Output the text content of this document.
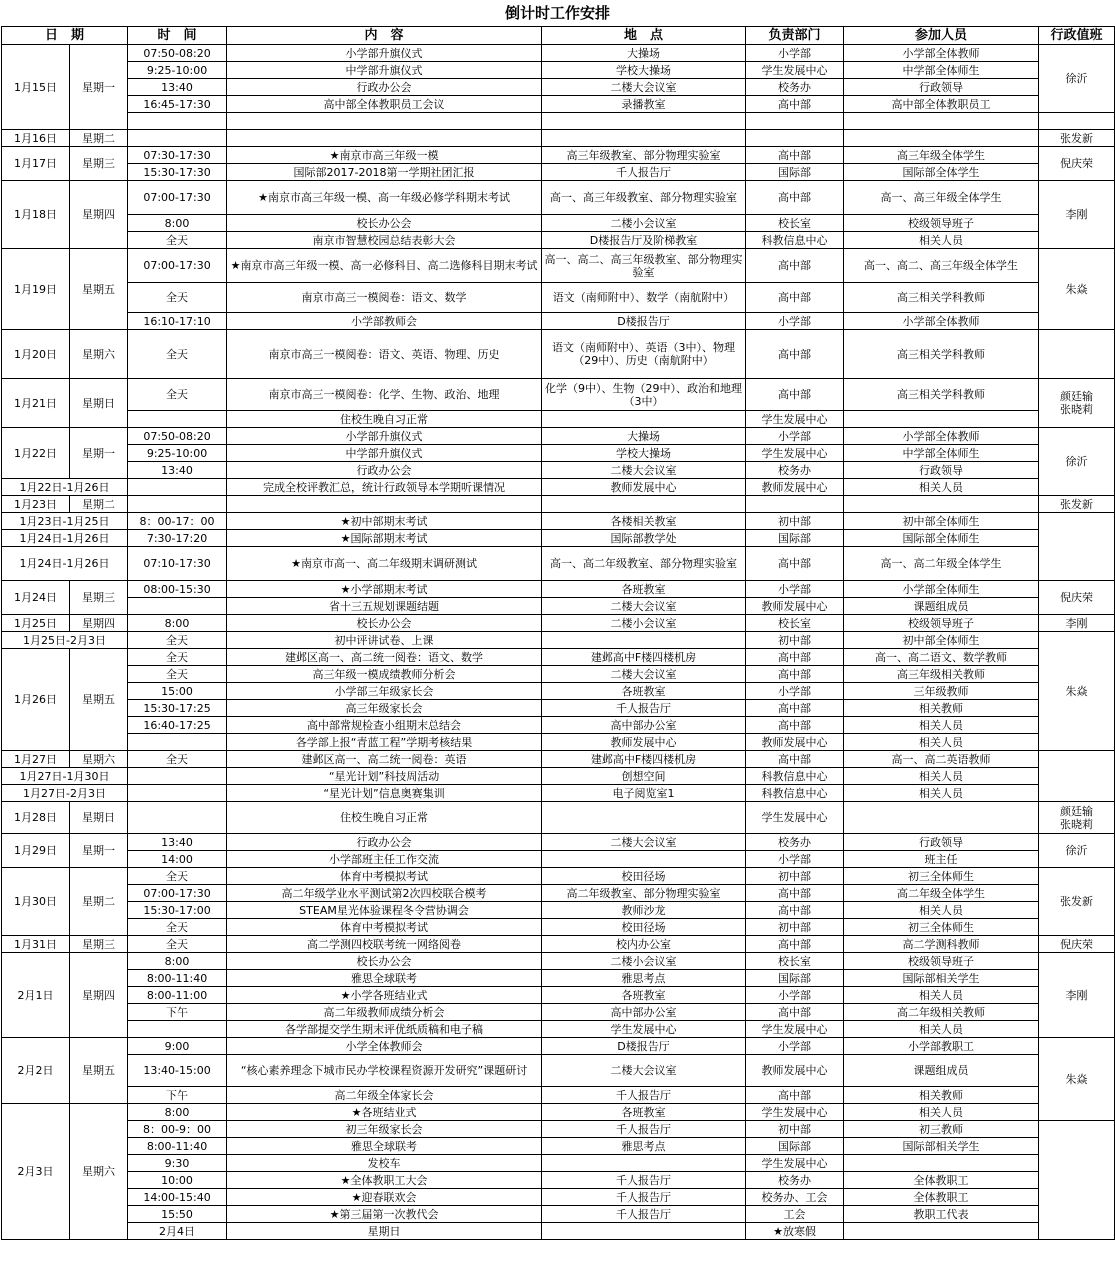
倒计时工作安排
日　期		时　间	内　容	地　点	负责部门	参加人员	行政值班	
1月15日	星期一	07:50-08:20	小学部升旗仪式	大操场	小学部	小学部全体教师	徐沂	
		9:25-10:00	中学部升旗仪式	学校大操场	学生发展中心	中学部全体师生		
		13:40	行政办公会	二楼大会议室	校务办	行政领导		
		16:45-17:30	高中部全体教职员工会议	录播教室	高中部	高中部全体教职员工		

1月16日	星期二						张发新	
1月17日	星期三	07:30-17:30	★南京市高三年级一模	高三年级教室、部分物理实验室	高中部	高三年级全体学生	倪庆荣	
		15:30-17:30	国际部2017-2018第一学期社团汇报	千人报告厅	国际部	国际部全体学生		
1月18日	星期四	07:00-17:30	★南京市高三年级一模、高一年级必修学科期末考试	高一、高三年级教室、部分物理实验室	高中部	高一、高三年级全体学生	李刚	
		8:00	校长办公会	二楼小会议室	校长室	校级领导班子		
		全天	南京市智慧校园总结表彰大会	D楼报告厅及阶梯教室	科教信息中心	相关人员		
1月19日	星期五	07:00-17:30	★南京市高三年级一模、高一必修科目、高二选修科目期末考试	高一、高二、高三年级教室、部分物理实验室	高中部	高一、高二、高三年级全体学生	朱焱	
		全天	南京市高三一模阅卷：语文、数学	语文（南师附中）、数学（南航附中）	高中部	高三相关学科教师		
		16:10-17:10	小学部教师会	D楼报告厅	小学部	小学部全体教师		
1月20日	星期六	全天	南京市高三一模阅卷：语文、英语、物理、历史	语文（南师附中）、英语（3中）、物理（29中）、历史（南航附中）	高中部	高三相关学科教师		
1月21日	星期日	全天	南京市高三一模阅卷：化学、生物、政治、地理	化学（9中）、生物（29中）、政治和地理（3中）	高中部	高三相关学科教师	颜廷输
张晓莉	
			住校生晚自习正常		学生发展中心			
1月22日	星期一	07:50-08:20	小学部升旗仪式	大操场	小学部	小学部全体教师	徐沂	
		9:25-10:00	中学部升旗仪式	学校大操场	学生发展中心	中学部全体师生		
		13:40	行政办公会	二楼大会议室	校务办	行政领导		
1月22日-1月26日			完成全校评教汇总，统计行政领导本学期听课情况	教师发展中心	教师发展中心	相关人员		
1月23日	星期二						张发新	
1月23日-1月25日		8：00-17：00	★初中部期末考试	各楼相关教室	初中部	初中部全体师生		
1月24日-1月26日		7:30-17:20	★国际部期末考试	国际部教学处	国际部	国际部全体师生		
1月24日-1月26日		07:10-17:30	★南京市高一、高二年级期末调研测试	高一、高二年级教室、部分物理实验室	高中部	高一、高二年级全体学生		
1月24日	星期三	08:00-15:30	★小学部期末考试	各班教室	小学部	小学部全体师生	倪庆荣	
			省十三五规划课题结题	二楼大会议室	教师发展中心	课题组成员		
1月25日	星期四	8:00	校长办公会	二楼小会议室	校长室	校级领导班子	李刚	
1月25日-2月3日		全天	初中评讲试卷、上课		初中部	初中部全体师生	朱焱	
1月26日	星期五	全天	建邺区高一、高二统一阅卷：语文、数学	建邺高中F楼四楼机房	高中部	高一、高二语文、数学教师		
		全天	高三年级一模成绩教师分析会	二楼大会议室	高中部	高三年级相关教师		
		15:00	小学部三年级家长会	各班教室	小学部	三年级教师		
		15:30-17:25	高三年级家长会	千人报告厅	高中部	相关教师		
		16:40-17:25	高中部常规检查小组期末总结会	高中部办公室	高中部	相关人员		
			各学部上报“青蓝工程”学期考核结果	教师发展中心	教师发展中心	相关人员		
1月27日	星期六	全天	建邺区高一、高二统一阅卷：英语	建邺高中F楼四楼机房	高中部	高一、高二英语教师		
1月27日-1月30日			“星光计划”科技周活动	创想空间	科教信息中心	相关人员		
1月27日-2月3日			“星光计划”信息奥赛集训	电子阅览室1	科教信息中心	相关人员		
1月28日	星期日		住校生晚自习正常		学生发展中心		颜廷输
张晓莉	
1月29日	星期一	13:40	行政办公会	二楼大会议室	校务办	行政领导	徐沂	
		14:00	小学部班主任工作交流		小学部	班主任		
1月30日	星期二	全天	体育中考模拟考试	校田径场	初中部	初三全体师生	张发新	
		07:00-17:30	高二年级学业水平测试第2次四校联合模考	高二年级教室、部分物理实验室	高中部	高二年级全体学生		
		15:30-17:00	STEAM星光体验课程冬令营协调会	教师沙龙	高中部	相关人员		
		全天	体育中考模拟考试	校田径场	初中部	初三全体师生		
1月31日	星期三	全天	高二学测四校联考统一网络阅卷	校内办公室	高中部	高二学测科教师	倪庆荣	
2月1日	星期四	8:00	校长办公会	二楼小会议室	校长室	校级领导班子	李刚	
		8:00-11:40	雅思全球联考	雅思考点	国际部	国际部相关学生		
		8:00-11:00	★小学各班结业式	各班教室	小学部	相关人员		
		下午	高二年级教师成绩分析会	高中部办公室	高中部	高二年级相关教师		
			各学部提交学生期末评优纸质稿和电子稿	学生发展中心	学生发展中心	相关人员		
2月2日	星期五	9:00	小学全体教师会	D楼报告厅	小学部	小学部教职工	朱焱	
		13:40-15:00	“核心素养理念下城市民办学校课程资源开发研究”课题研讨	二楼大会议室	教师发展中心	课题组成员		
		下午	高二年级全体家长会	千人报告厅	高中部	相关教师		
2月3日	星期六	8:00	★各班结业式	各班教室	学生发展中心	相关人员		
		8：00-9：00	初三年级家长会	千人报告厅	初中部	初三教师		
		8:00-11:40	雅思全球联考	雅思考点	国际部	国际部相关学生		
		9:30	发校车		学生发展中心			
		10:00	★全体教职工大会	千人报告厅	校务办	全体教职工		
		14:00-15:40	★迎春联欢会	千人报告厅	校务办、工会	全体教职工		
		15:50	★第三届第一次教代会	千人报告厅	工会	教职工代表		
		2月4日	星期日		★放寒假			
